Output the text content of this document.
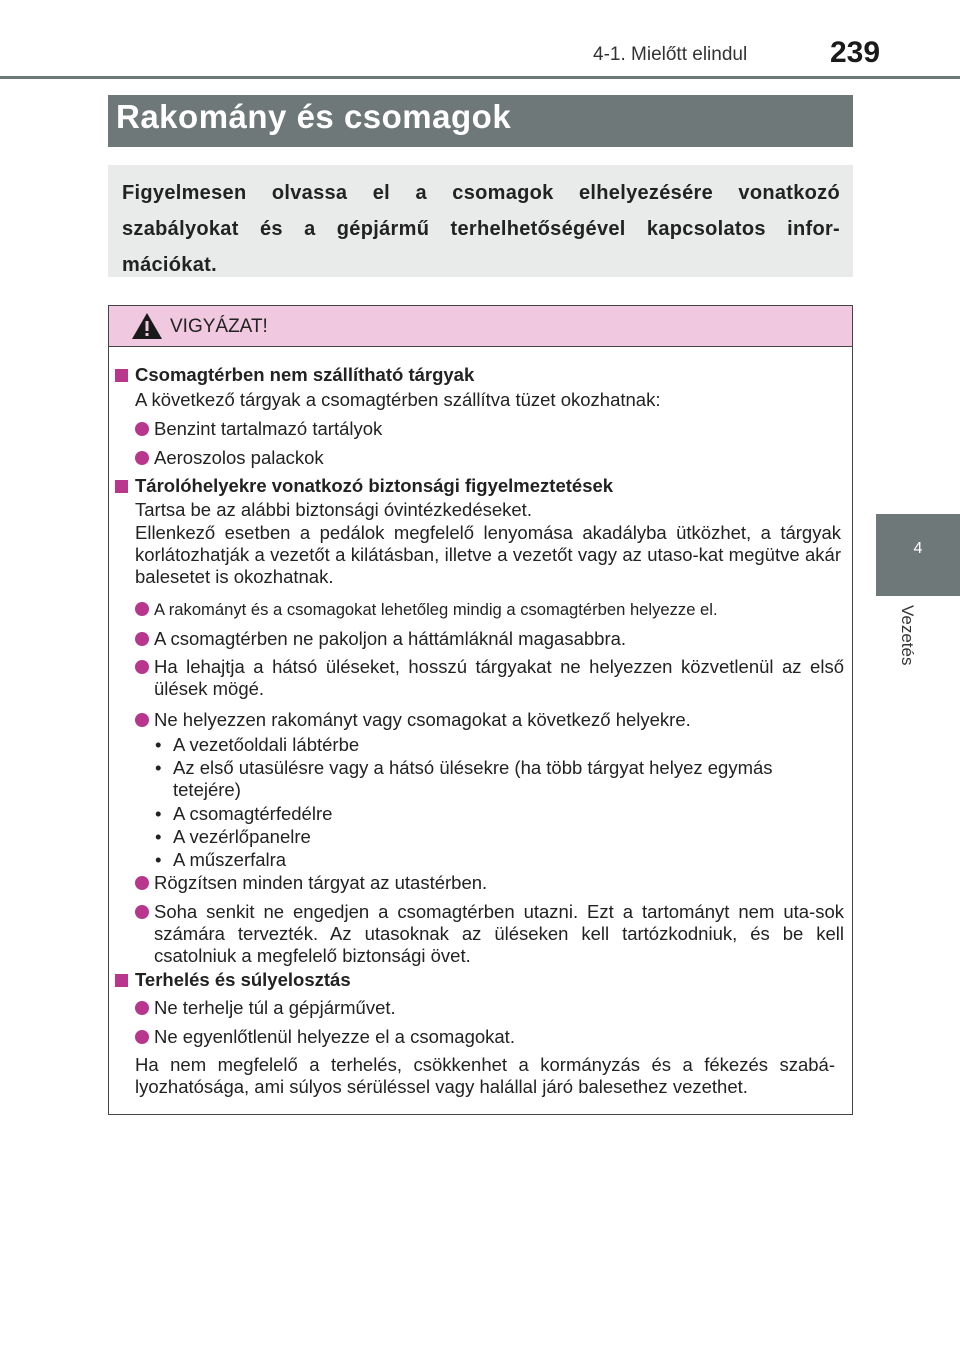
4-1. Mielőtt elindul	239
4
Vezetés
Rakomány és csomagok
Figyelmesen olvassa el a csomagok elhelyezésére vonatkozó szabályokat és a gépjármű terhelhetőségével kapcsolatos infor-mációkat.
VIGYÁZAT!
Csomagtérben nem szállítható tárgyak
A következő tárgyak a csomagtérben szállítva tüzet okozhatnak:
Benzint tartalmazó tartályok
Aeroszolos palackok
Tárolóhelyekre vonatkozó biztonsági figyelmeztetések
Tartsa be az alábbi biztonsági óvintézkedéseket.
Ellenkező esetben a pedálok megfelelő lenyomása akadályba ütközhet, a tárgyak korlátozhatják a vezetőt a kilátásban, illetve a vezetőt vagy az utaso-kat megütve akár balesetet is okozhatnak.
A rakományt és a csomagokat lehetőleg mindig a csomagtérben helyezze el.
A csomagtérben ne pakoljon a háttámláknál magasabbra.
Ha lehajtja a hátsó üléseket, hosszú tárgyakat ne helyezzen közvetlenül az első ülések mögé.
Ne helyezzen rakományt vagy csomagokat a következő helyekre.
• A vezetőoldali lábtérbe
• Az első utasülésre vagy a hátsó ülésekre (ha több tárgyat helyez egymás tetejére)
• A csomagtérfedélre
• A vezérlőpanelre
• A műszerfalra
Rögzítsen minden tárgyat az utastérben.
Soha senkit ne engedjen a csomagtérben utazni. Ezt a tartományt nem uta-sok számára tervezték. Az utasoknak az üléseken kell tartózkodniuk, és be kell csatolniuk a megfelelő biztonsági övet.
Terhelés és súlyelosztás
Ne terhelje túl a gépjárművet.
Ne egyenlőtlenül helyezze el a csomagokat.
Ha nem megfelelő a terhelés, csökkenhet a kormányzás és a fékezés szabá-lyozhatósága, ami súlyos sérüléssel vagy halállal járó balesethez vezethet.
